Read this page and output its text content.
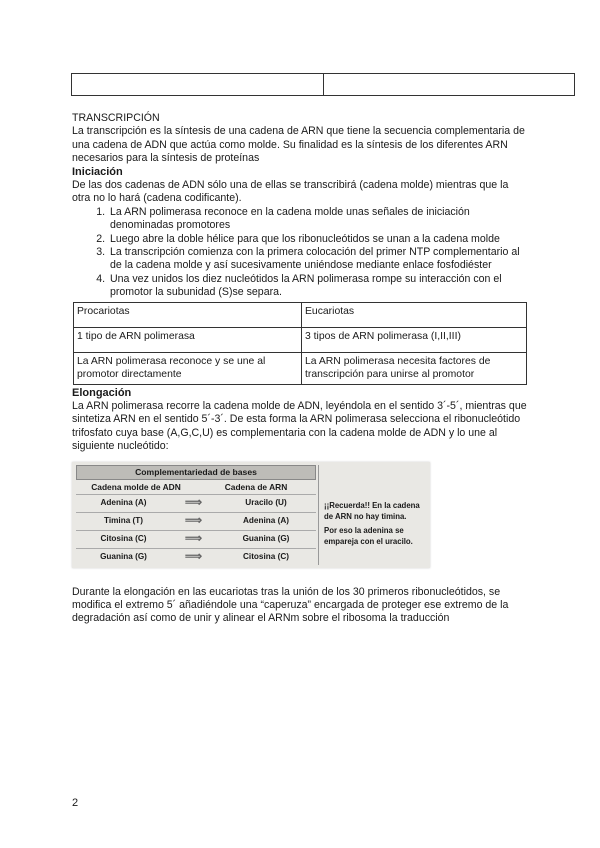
TRANSCRIPCIÓN

La transcripción es la síntesis de una cadena de ARN que tiene la secuencia complementaria de una cadena de ADN que actúa como molde. Su finalidad es la síntesis de los diferentes ARN necesarios para la síntesis de proteínas

Iniciación

De las dos cadenas de ADN sólo una de ellas se transcribirá (cadena molde) mientras que la otra no lo hará (cadena codificante).

1. La ARN polimerasa reconoce en la cadena molde unas señales de iniciación denominadas promotores
2. Luego abre la doble hélice para que los ribonucleótidos se unan a la cadena molde
3. La transcripción comienza con la primera colocación del primer NTP complementario al de la cadena molde y así sucesivamente uniéndose mediante enlace fosfodiéster
4. Una vez unidos los diez nucleótidos la ARN polimerasa rompe su interacción con el promotor la subunidad (S)se separa.
Procariotas	Eucariotas
1 tipo de ARN polimerasa	3 tipos de ARN polimerasa (I,II,III)
La ARN polimerasa reconoce y se une al promotor directamente	La ARN polimerasa necesita factores de transcripción para unirse al promotor

Elongación

La ARN polimerasa recorre la cadena molde de ADN, leyéndola en el sentido 3´-5´, mientras que sintetiza ARN en el sentido 5´-3´. De esta forma la ARN polimerasa selecciona el ribonucleótido trifosfato cuya base (A,G,C,U) es complementaria con la cadena molde de ADN y lo une al siguiente nucleótido:

Complementariedad de bases
Cadena molde de ADN	Cadena de ARN
Adenina (A)	⟹	Uracilo (U)
Timina (T)	⟹	Adenina (A)
Citosina (C)	⟹	Guanina (G)
Guanina (G)	⟹	Citosina (C)
¡¡Recuerda!! En la cadena de ARN no hay timina.
Por eso la adenina se empareja con el uracilo.

Durante la elongación en las eucariotas tras la unión de los 30 primeros ribonucleótidos, se modifica el extremo 5´ añadiéndole una “caperuza” encargada de proteger ese extremo de la degradación así como de unir y alinear el ARNm sobre el ribosoma la traducción

2
